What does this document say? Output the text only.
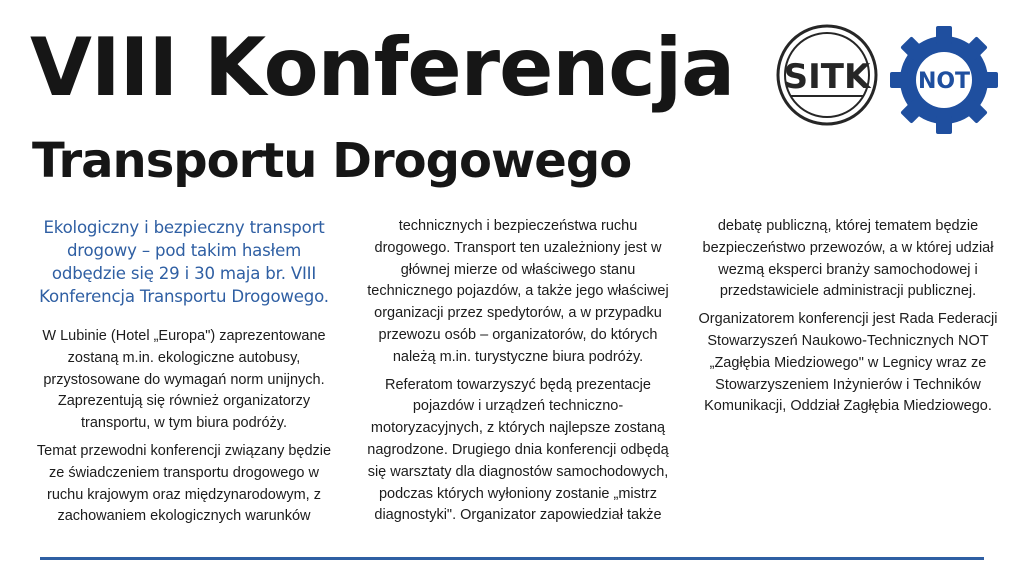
VIII Konferencja
Transportu Drogowego
SITK NOT

Ekologiczny i bezpieczny transport drogowy – pod takim hasłem odbędzie się 29 i 30 maja br. VIII Konferencja Transportu Drogowego.

W Lubinie (Hotel „Europa") zaprezentowane zostaną m.in. ekologiczne autobusy, przystosowane do wymagań norm unijnych. Zaprezentują się również organizatorzy transportu, w tym biura podróży.

Temat przewodni konferencji związany będzie ze świadczeniem transportu drogowego w ruchu krajowym oraz międzynarodowym, z zachowaniem ekologicznych warunków

technicznych i bezpieczeństwa ruchu drogowego. Transport ten uzależniony jest w głównej mierze od właściwego stanu technicznego pojazdów, a także jego właściwej organizacji przez spedytorów, a w przypadku przewozu osób – organizatorów, do których należą m.in. turystyczne biura podróży.

Referatom towarzyszyć będą prezentacje pojazdów i urządzeń techniczno-motoryzacyjnych, z których najlepsze zostaną nagrodzone. Drugiego dnia konferencji odbędą się warsztaty dla diagnostów samochodowych, podczas których wyłoniony zostanie „mistrz diagnostyki". Organizator zapowiedział także

debatę publiczną, której tematem będzie bezpieczeństwo przewozów, a w której udział wezmą eksperci branży samochodowej i przedstawiciele administracji publicznej.

Organizatorem konferencji jest Rada Federacji Stowarzyszeń Naukowo-Technicznych NOT „Zagłębia Miedziowego" w Legnicy wraz ze Stowarzyszeniem Inżynierów i Techników Komunikacji, Oddział Zagłębia Miedziowego.
